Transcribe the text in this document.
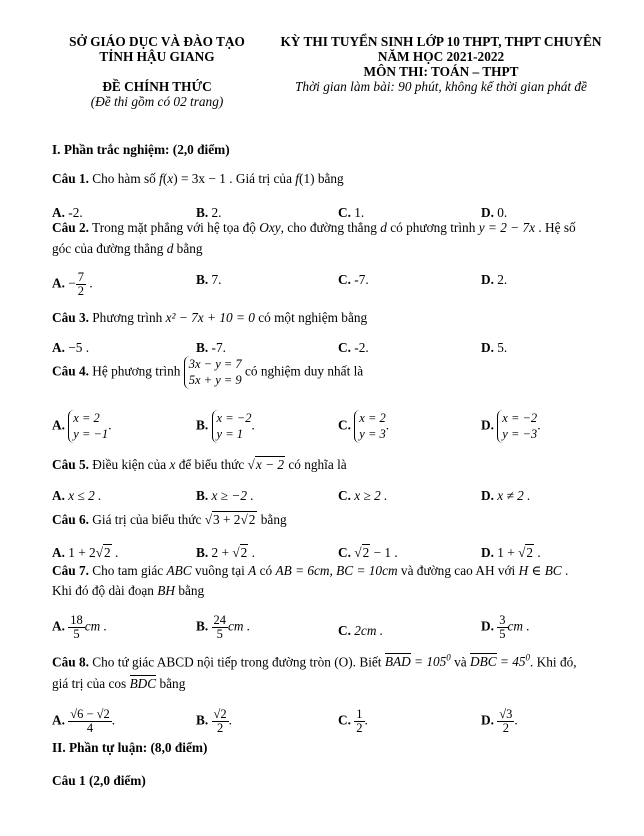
SỞ GIÁO DỤC VÀ ĐÀO TẠO
TỈNH HẬU GIANG
ĐỀ CHÍNH THỨC
(Đề thi gồm có 02 trang)
KỲ THI TUYỂN SINH LỚP 10 THPT, THPT CHUYÊN
NĂM HỌC 2021-2022
MÔN THI: TOÁN – THPT
Thời gian làm bài: 90 phút, không kể thời gian phát đề
I. Phần trắc nghiệm: (2,0 điểm)
Câu 1. Cho hàm số f(x) = 3x − 1 . Giá trị của f(1) bằng
A. -2.	B. 2.	C. 1.	D. 0.
Câu 2. Trong mặt phẳng với hệ tọa độ Oxy, cho đường thẳng d có phương trình y = 2 − 7x . Hệ số
góc của đường thẳng d bằng
A. − $\frac{7}{2}$ .	B. 7.	C. -7.	D. 2.
Câu 3. Phương trình x² − 7x + 10 = 0 có một nghiệm bằng
A. −5 .	B. -7.	C. -2.	D. 5.
Câu 4. Hệ phương trình 3x − y = 7
5x + y = 9
có nghiệm duy nhất là
A. x = 2
y = −1
.	B. x = −2
y = 1
.	C. x = 2
y = 3
.	D. x = −2
y = −3
.
Câu 5. Điều kiện của x để biểu thức √x − 2 có nghĩa là
A. x ≤ 2 .	B. x ≥ −2 .	C. x ≥ 2 .	D. x ≠ 2 .
Câu 6. Giá trị của biểu thức √3 + 2√2 bằng
A. 1 + 2√2 .	B. 2 + √2 .	C. √2 − 1 .	D. 1 + √2 .
Câu 7. Cho tam giác ABC vuông tại A có AB = 6cm, BC = 10cm và đường cao AH với H ∈ BC .
Khi đó độ dài đoạn BH bằng
A. $\frac{18}{5}$ cm .	B. $\frac{24}{5}$ cm .	C. 2cm .	D. $\frac{3}{5}$ cm .
Câu 8. Cho tứ giác ABCD nội tiếp trong đường tròn (O). Biết BAD = $105^0$ và DBC = $45^0$. Khi đó,
giá trị của cos BDC bằng
A. $\frac{√6 - √2}{4}$ .	B. $\frac{√2}{2}$ .	C. $\frac{1}{2}$ .	D. $\frac{√3}{2}$ .
II. Phần tự luận: (8,0 điểm)
Câu 1 (2,0 điểm)
